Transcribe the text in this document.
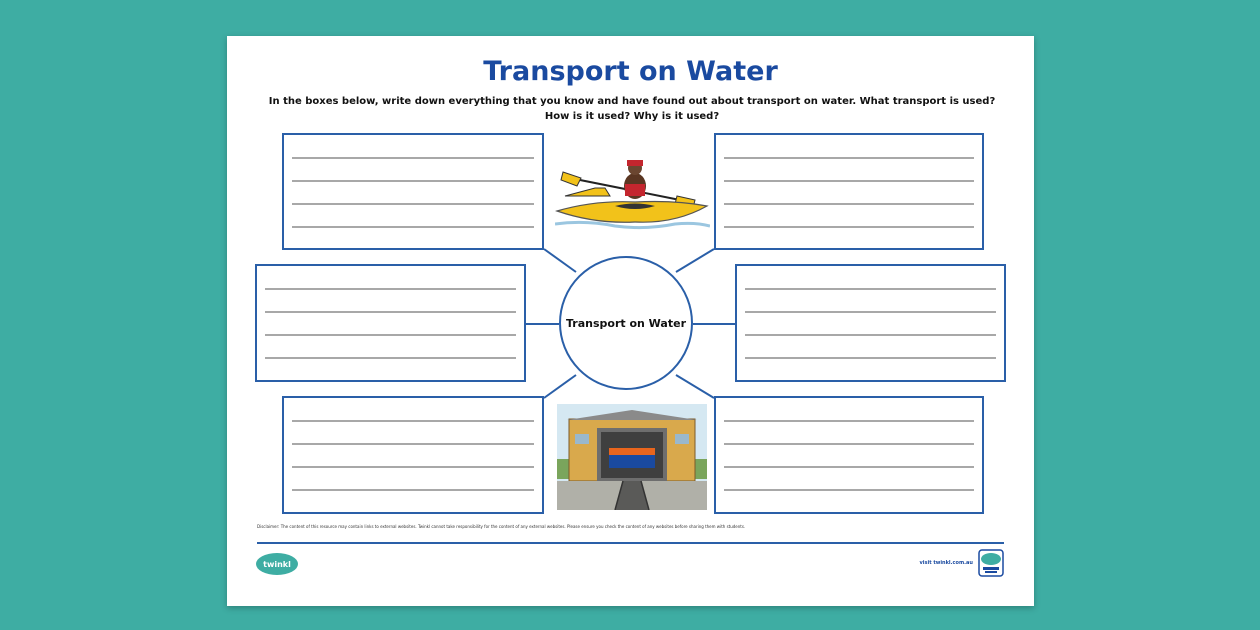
Transport on Water
In the boxes below, write down everything that you know and have found out about transport on water. What transport is used? How is it used? Why is it used?
Transport on Water
Disclaimer: The content of this resource may contain links to external websites. Twinkl cannot take responsibility for the content of any external websites. Please ensure you check the content of any websites before sharing them with students.
twinkl	visit twinkl.com.au
